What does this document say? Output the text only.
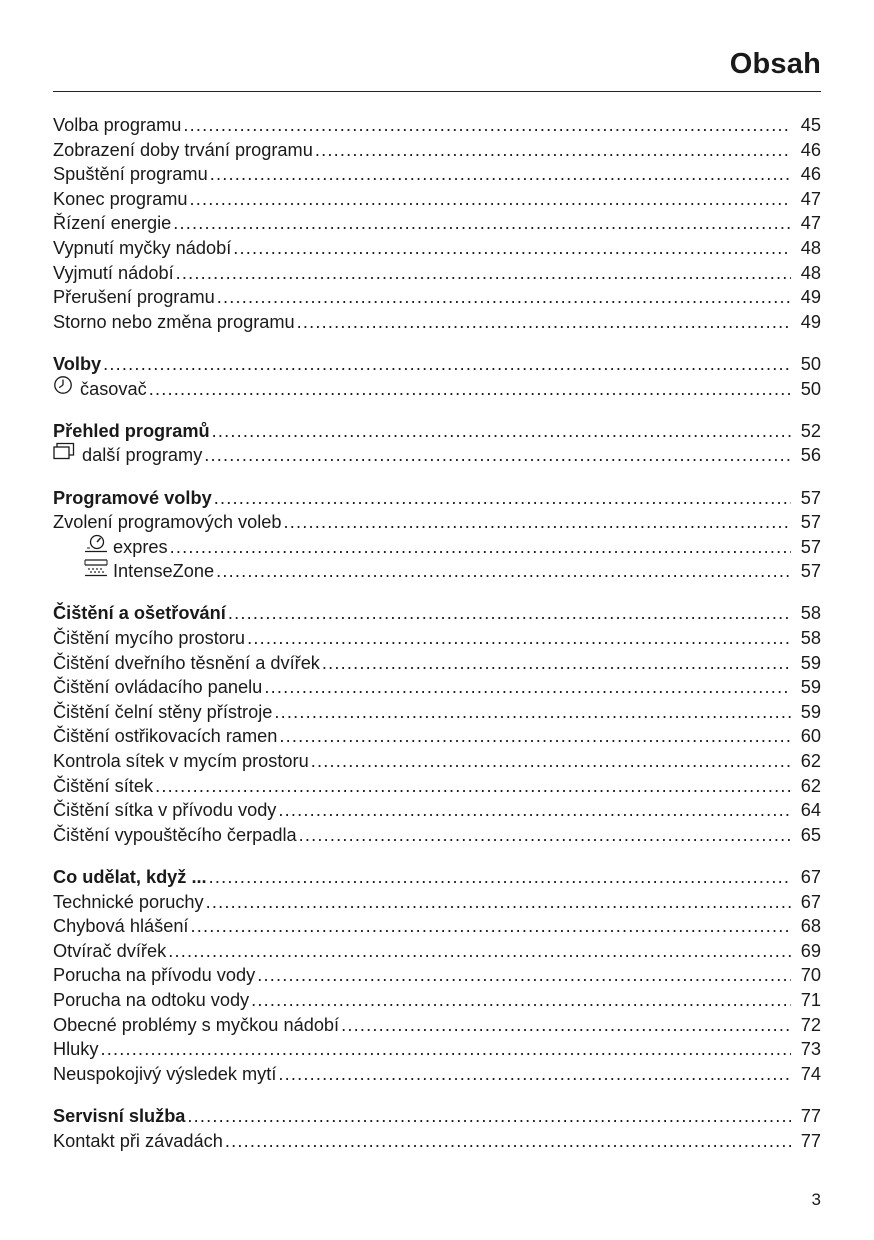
Obsah
Volba programu .....	45
Zobrazení doby trvání programu .....	46
Spuštění programu .....	46
Konec programu .....	47
Řízení energie .....	47
Vypnutí myčky nádobí .....	48
Vyjmutí nádobí .....	48
Přerušení programu .....	49
Storno nebo změna programu .....	49
Volby .....	50
časovač .....	50
Přehled programů .....	52
další programy .....	56
Programové volby .....	57
Zvolení programových voleb .....	57
expres .....	57
IntenseZone .....	57
Čištění a ošetřování .....	58
Čištění mycího prostoru .....	58
Čištění dveřního těsnění a dvířek .....	59
Čištění ovládacího panelu .....	59
Čištění čelní stěny přístroje .....	59
Čištění ostřikovacích ramen .....	60
Kontrola sítek v mycím prostoru .....	62
Čištění sítek .....	62
Čištění sítka v přívodu vody .....	64
Čištění vypouštěcího čerpadla .....	65
Co udělat, když ... .....	67
Technické poruchy .....	67
Chybová hlášení .....	68
Otvírač dvířek .....	69
Porucha na přívodu vody .....	70
Porucha na odtoku vody .....	71
Obecné problémy s myčkou nádobí .....	72
Hluky .....	73
Neuspokojivý výsledek mytí .....	74
Servisní služba .....	77
Kontakt při závadách .....	77
3
